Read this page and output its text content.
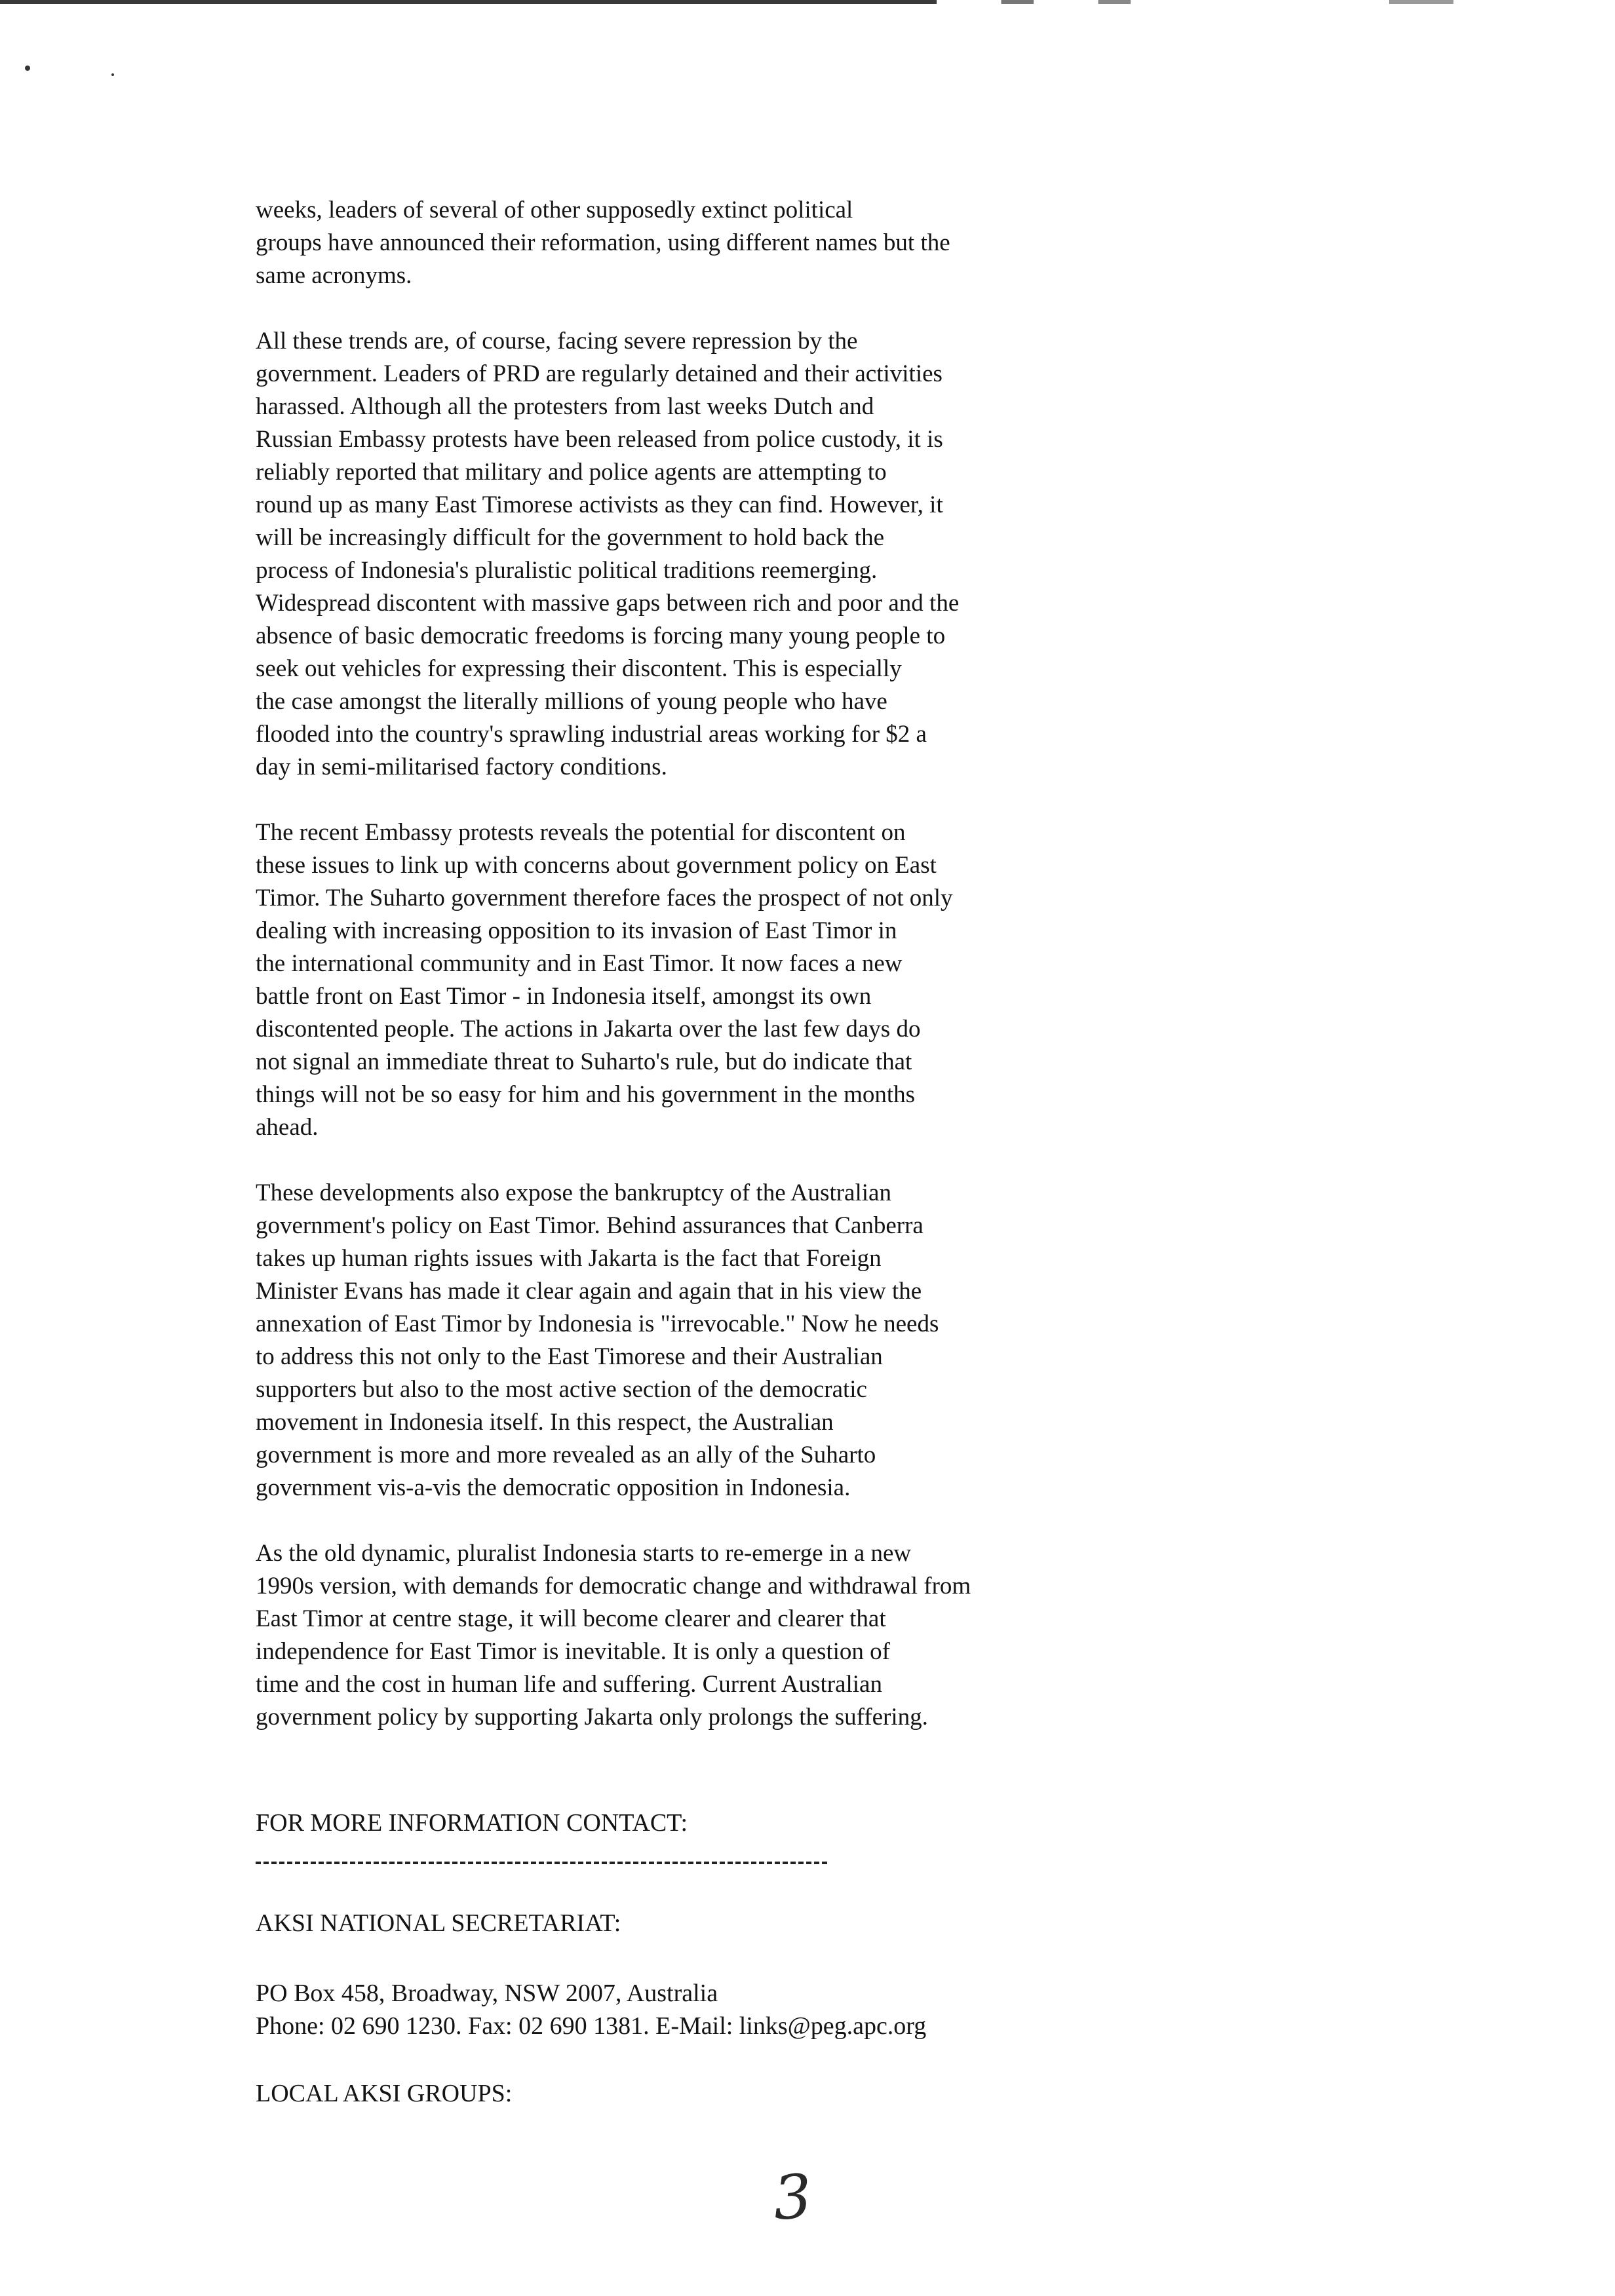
weeks, leaders of several of other supposedly extinct political
groups have announced their reformation, using different names but the
same acronyms.

All these trends are, of course, facing severe repression by the
government. Leaders of PRD are regularly detained and their activities
harassed. Although all the protesters from last weeks Dutch and
Russian Embassy protests have been released from police custody, it is
reliably reported that military and police agents are attempting to
round up as many East Timorese activists as they can find. However, it
will be increasingly difficult for the government to hold back the
process of Indonesia's pluralistic political traditions reemerging.
Widespread discontent with massive gaps between rich and poor and the
absence of basic democratic freedoms is forcing many young people to
seek out vehicles for expressing their discontent. This is especially
the case amongst the literally millions of young people who have
flooded into the country's sprawling industrial areas working for $2 a
day in semi-militarised factory conditions.

The recent Embassy protests reveals the potential for discontent on
these issues to link up with concerns about government policy on East
Timor. The Suharto government therefore faces the prospect of not only
dealing with increasing opposition to its invasion of East Timor in
the international community and in East Timor. It now faces a new
battle front on East Timor - in Indonesia itself, amongst its own
discontented people. The actions in Jakarta over the last few days do
not signal an immediate threat to Suharto's rule, but do indicate that
things will not be so easy for him and his government in the months
ahead.

These developments also expose the bankruptcy of the Australian
government's policy on East Timor. Behind assurances that Canberra
takes up human rights issues with Jakarta is the fact that Foreign
Minister Evans has made it clear again and again that in his view the
annexation of East Timor by Indonesia is "irrevocable." Now he needs
to address this not only to the East Timorese and their Australian
supporters but also to the most active section of the democratic
movement in Indonesia itself. In this respect, the Australian
government is more and more revealed as an ally of the Suharto
government vis-a-vis the democratic opposition in Indonesia.

As the old dynamic, pluralist Indonesia starts to re-emerge in a new
1990s version, with demands for democratic change and withdrawal from
East Timor at centre stage, it will become clearer and clearer that
independence for East Timor is inevitable. It is only a question of
time and the cost in human life and suffering. Current Australian
government policy by supporting Jakarta only prolongs the suffering.

FOR MORE INFORMATION CONTACT:
AKSI NATIONAL SECRETARIAT:
PO Box 458, Broadway, NSW 2007, Australia
Phone: 02 690 1230. Fax: 02 690 1381. E-Mail: links@peg.apc.org
LOCAL AKSI GROUPS:
3
